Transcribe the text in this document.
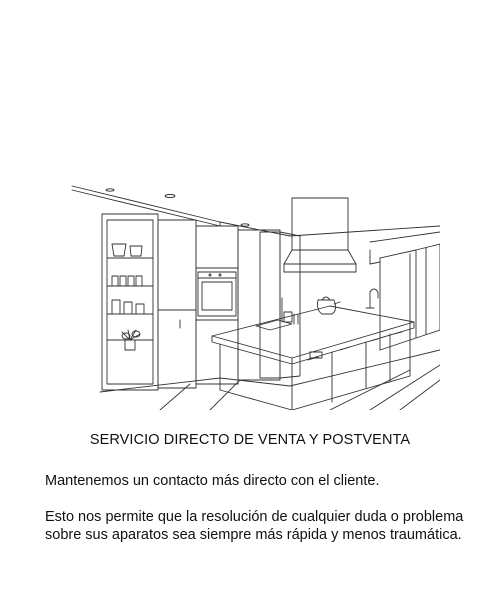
SERVICIO DIRECTO DE VENTA Y POSTVENTA
Mantenemos un contacto más directo con el cliente.
Esto nos permite que la resolución de cualquier duda o problema sobre sus aparatos sea siempre más rápida y menos traumática.
